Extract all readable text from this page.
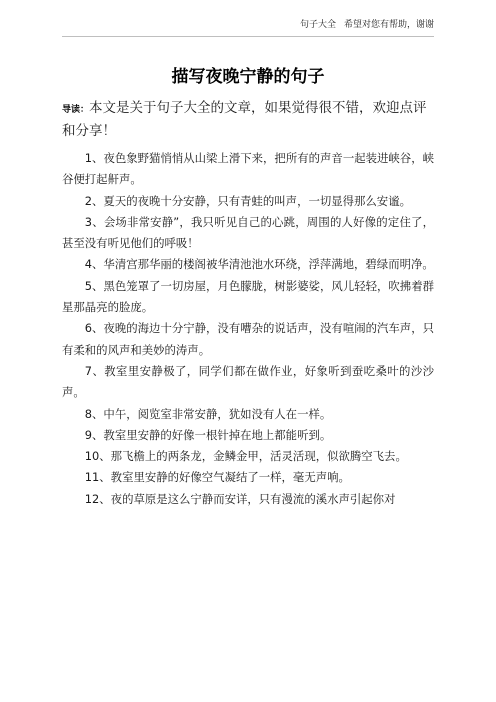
句子大全 希望对您有帮助，谢谢
描写夜晚宁静的句子

导读：本文是关于句子大全的文章，如果觉得很不错，欢迎点评和分享！

1、夜色象野猫悄悄从山梁上滑下来，把所有的声音一起装进峡谷，峡谷便打起鼾声。

2、夏天的夜晚十分安静，只有青蛙的叫声，一切显得那么安谧。

3、会场非常安静”，我只听见自己的心跳，周围的人好像的定住了，甚至没有听见他们的呼吸！

4、华清宫那华丽的楼阁被华清池池水环绕，浮萍满地，碧绿而明净。

5、黑色笼罩了一切房屋，月色朦胧，树影婆娑，风儿轻轻，吹拂着群星那晶亮的脸庞。

6、夜晚的海边十分宁静，没有嘈杂的说话声，没有喧闹的汽车声，只有柔和的风声和美妙的涛声。

7、教室里安静极了，同学们都在做作业，好象听到蚕吃桑叶的沙沙声。

8、中午，阅览室非常安静，犹如没有人在一样。

9、教室里安静的好像一根针掉在地上都能听到。

10、那飞檐上的两条龙，金鳞金甲，活灵活现，似欲腾空飞去。

11、教室里安静的好像空气凝结了一样，毫无声响。

12、夜的草原是这么宁静而安详，只有漫流的溪水声引起你对
